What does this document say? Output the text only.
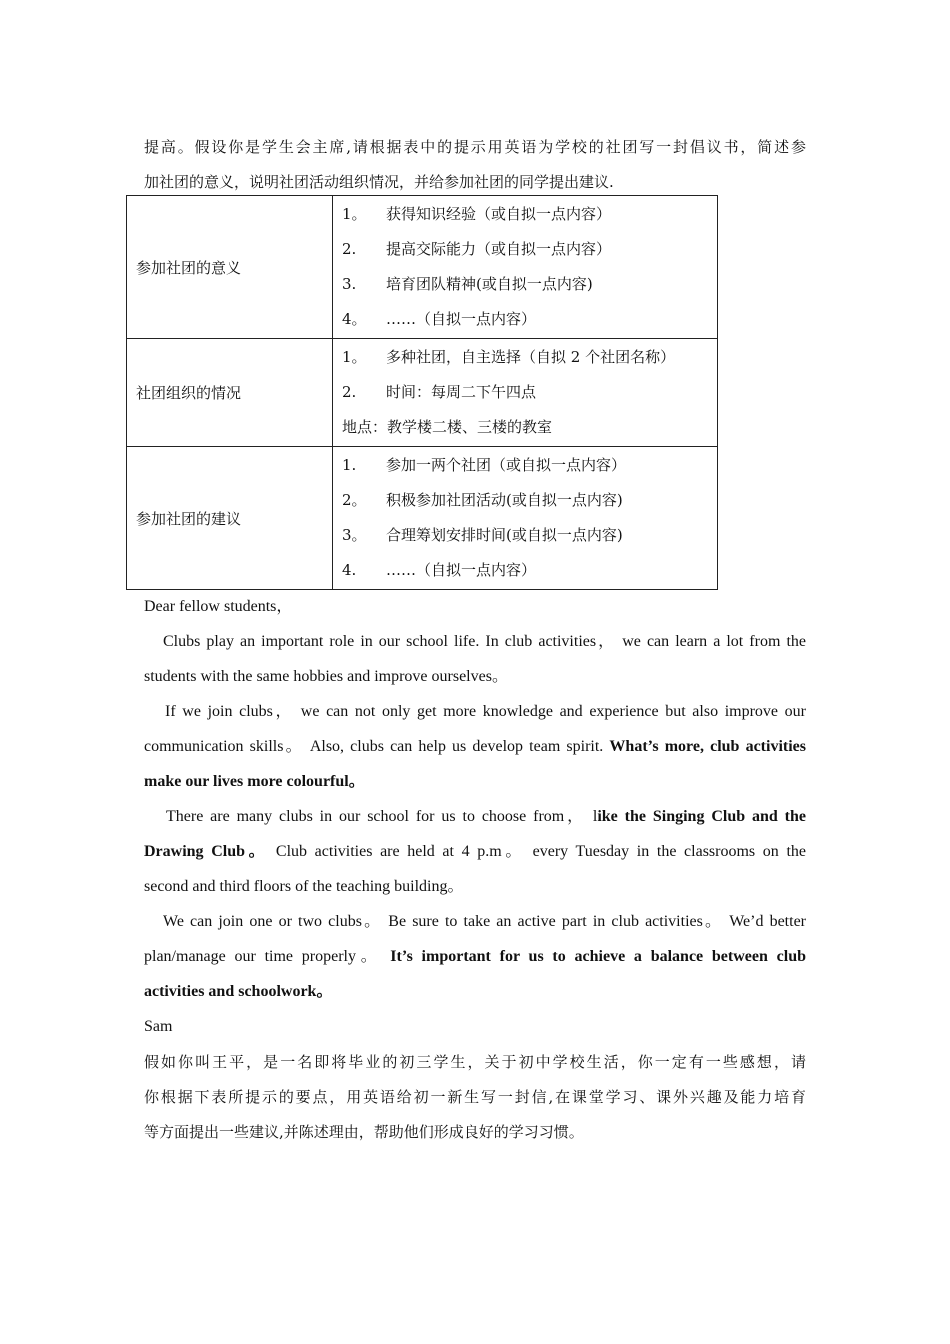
提高。假设你是学生会主席,请根据表中的提示用英语为学校的社团写一封倡议书，简述参
加社团的意义，说明社团活动组织情况，并给参加社团的同学提出建议.
参加社团的意义	1。 获得知识经验（或自拟一点内容）
2. 提高交际能力（或自拟一点内容）
3. 培育团队精神(或自拟一点内容)
4。 ……（自拟一点内容）

社团组织的情况	1。 多种社团，自主选择（自拟 2 个社团名称）
2. 时间：每周二下午四点
地点：教学楼二楼、三楼的教室

参加社团的建议	1. 参加一两个社团（或自拟一点内容）
2。 积极参加社团活动(或自拟一点内容)
3。 合理筹划安排时间(或自拟一点内容)
4. ……（自拟一点内容）
Dear fellow students，
Clubs play an important role in our school life. In club activities， we can learn a lot from the
students with the same hobbies and improve ourselves。
If we join clubs， we can not only get more knowledge and experience but also improve our
communication skills。 Also, clubs can help us develop team spirit. What’s more, club activities
make our lives more colourful。
There are many clubs in our school for us to choose from， like the Singing Club and the
Drawing Club。 Club activities are held at 4 p.m。 every Tuesday in the classrooms on the
second and third floors of the teaching building。
We can join one or two clubs。 Be sure to take an active part in club activities。 We’d better
plan/manage our time properly。 It’s important for us to achieve a balance between club
activities and schoolwork。
Sam
假如你叫王平，是一名即将毕业的初三学生，关于初中学校生活，你一定有一些感想，请
你根据下表所提示的要点，用英语给初一新生写一封信,在课堂学习、课外兴趣及能力培育
等方面提出一些建议,并陈述理由，帮助他们形成良好的学习习惯。
